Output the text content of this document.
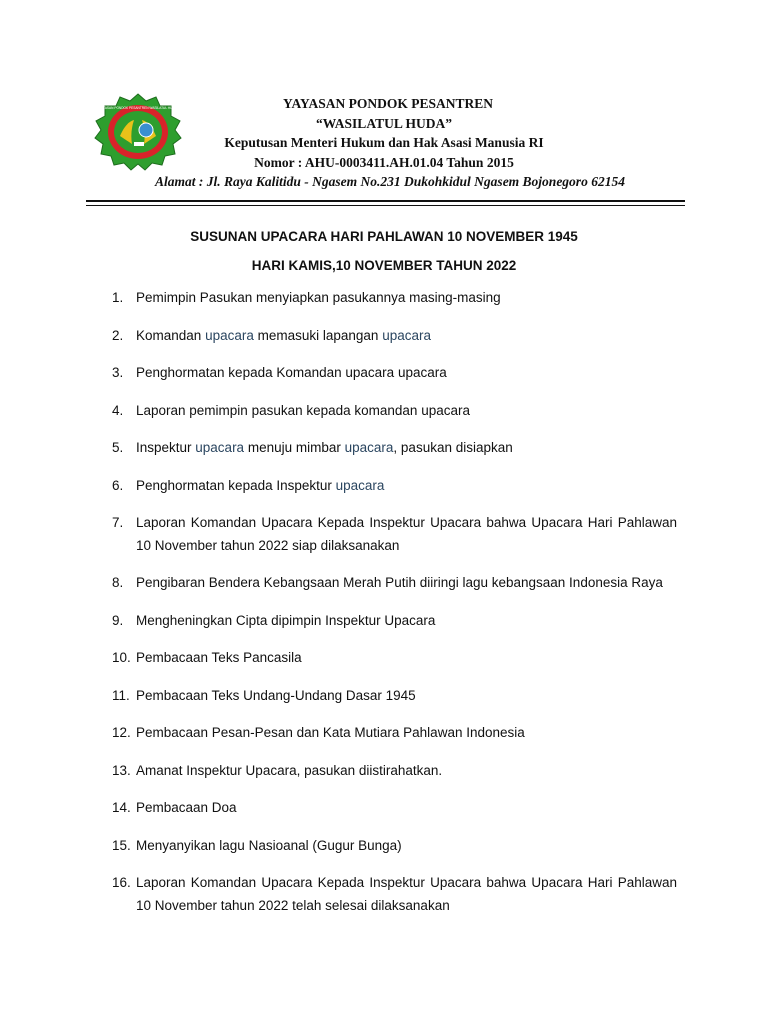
YAYASAN PONDOK PESANTREN WASILATUL HUDA	YAYASAN PONDOK PESANTREN
“WASILATUL HUDA”
Keputusan Menteri Hukum dan Hak Asasi Manusia RI
Nomor : AHU-0003411.AH.01.04 Tahun 2015
Alamat : Jl. Raya Kalitidu - Ngasem No.231 Dukohkidul Ngasem Bojonegoro 62154
SUSUNAN UPACARA HARI PAHLAWAN 10 NOVEMBER 1945
HARI KAMIS,10 NOVEMBER TAHUN 2022
1. Pemimpin Pasukan menyiapkan pasukannya masing-masing
2. Komandan upacara memasuki lapangan upacara
3. Penghormatan kepada Komandan upacara upacara
4. Laporan pemimpin pasukan kepada komandan upacara
5. Inspektur upacara menuju mimbar upacara, pasukan disiapkan
6. Penghormatan kepada Inspektur upacara
7. Laporan Komandan Upacara Kepada Inspektur Upacara bahwa Upacara Hari Pahlawan 10 November tahun 2022 siap dilaksanakan
8. Pengibaran Bendera Kebangsaan Merah Putih diiringi lagu kebangsaan Indonesia Raya
9. Mengheningkan Cipta dipimpin Inspektur Upacara
10. Pembacaan Teks Pancasila
11. Pembacaan Teks Undang-Undang Dasar 1945
12. Pembacaan Pesan-Pesan dan Kata Mutiara Pahlawan Indonesia
13. Amanat Inspektur Upacara, pasukan diistirahatkan.
14. Pembacaan Doa
15. Menyanyikan lagu Nasioanal (Gugur Bunga)
16. Laporan Komandan Upacara Kepada Inspektur Upacara bahwa Upacara Hari Pahlawan 10 November tahun 2022 telah selesai dilaksanakan
